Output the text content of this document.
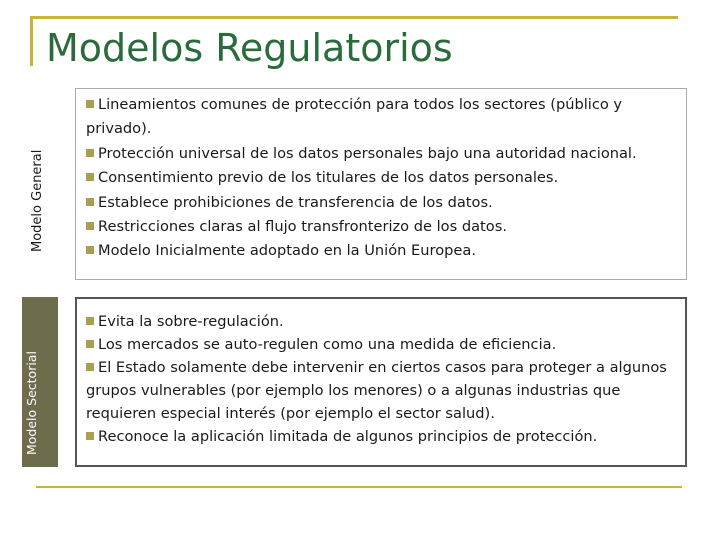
Modelos Regulatorios
Modelo General
Modelo Sectorial

Lineamientos comunes de protección para todos los sectores (público y privado).

Protección universal de los datos personales bajo una autoridad nacional.

Consentimiento previo de los titulares de los datos personales.

Establece prohibiciones de transferencia de los datos.

Restricciones claras al flujo transfronterizo de los datos.

Modelo Inicialmente adoptado en la Unión Europea.

Evita la sobre-regulación.

Los mercados se auto-regulen como una medida de eficiencia.

El Estado solamente debe intervenir en ciertos casos para proteger a algunos grupos vulnerables (por ejemplo los menores) o a algunas industrias que requieren especial interés (por ejemplo el sector salud).

Reconoce la aplicación limitada de algunos principios de protección.
